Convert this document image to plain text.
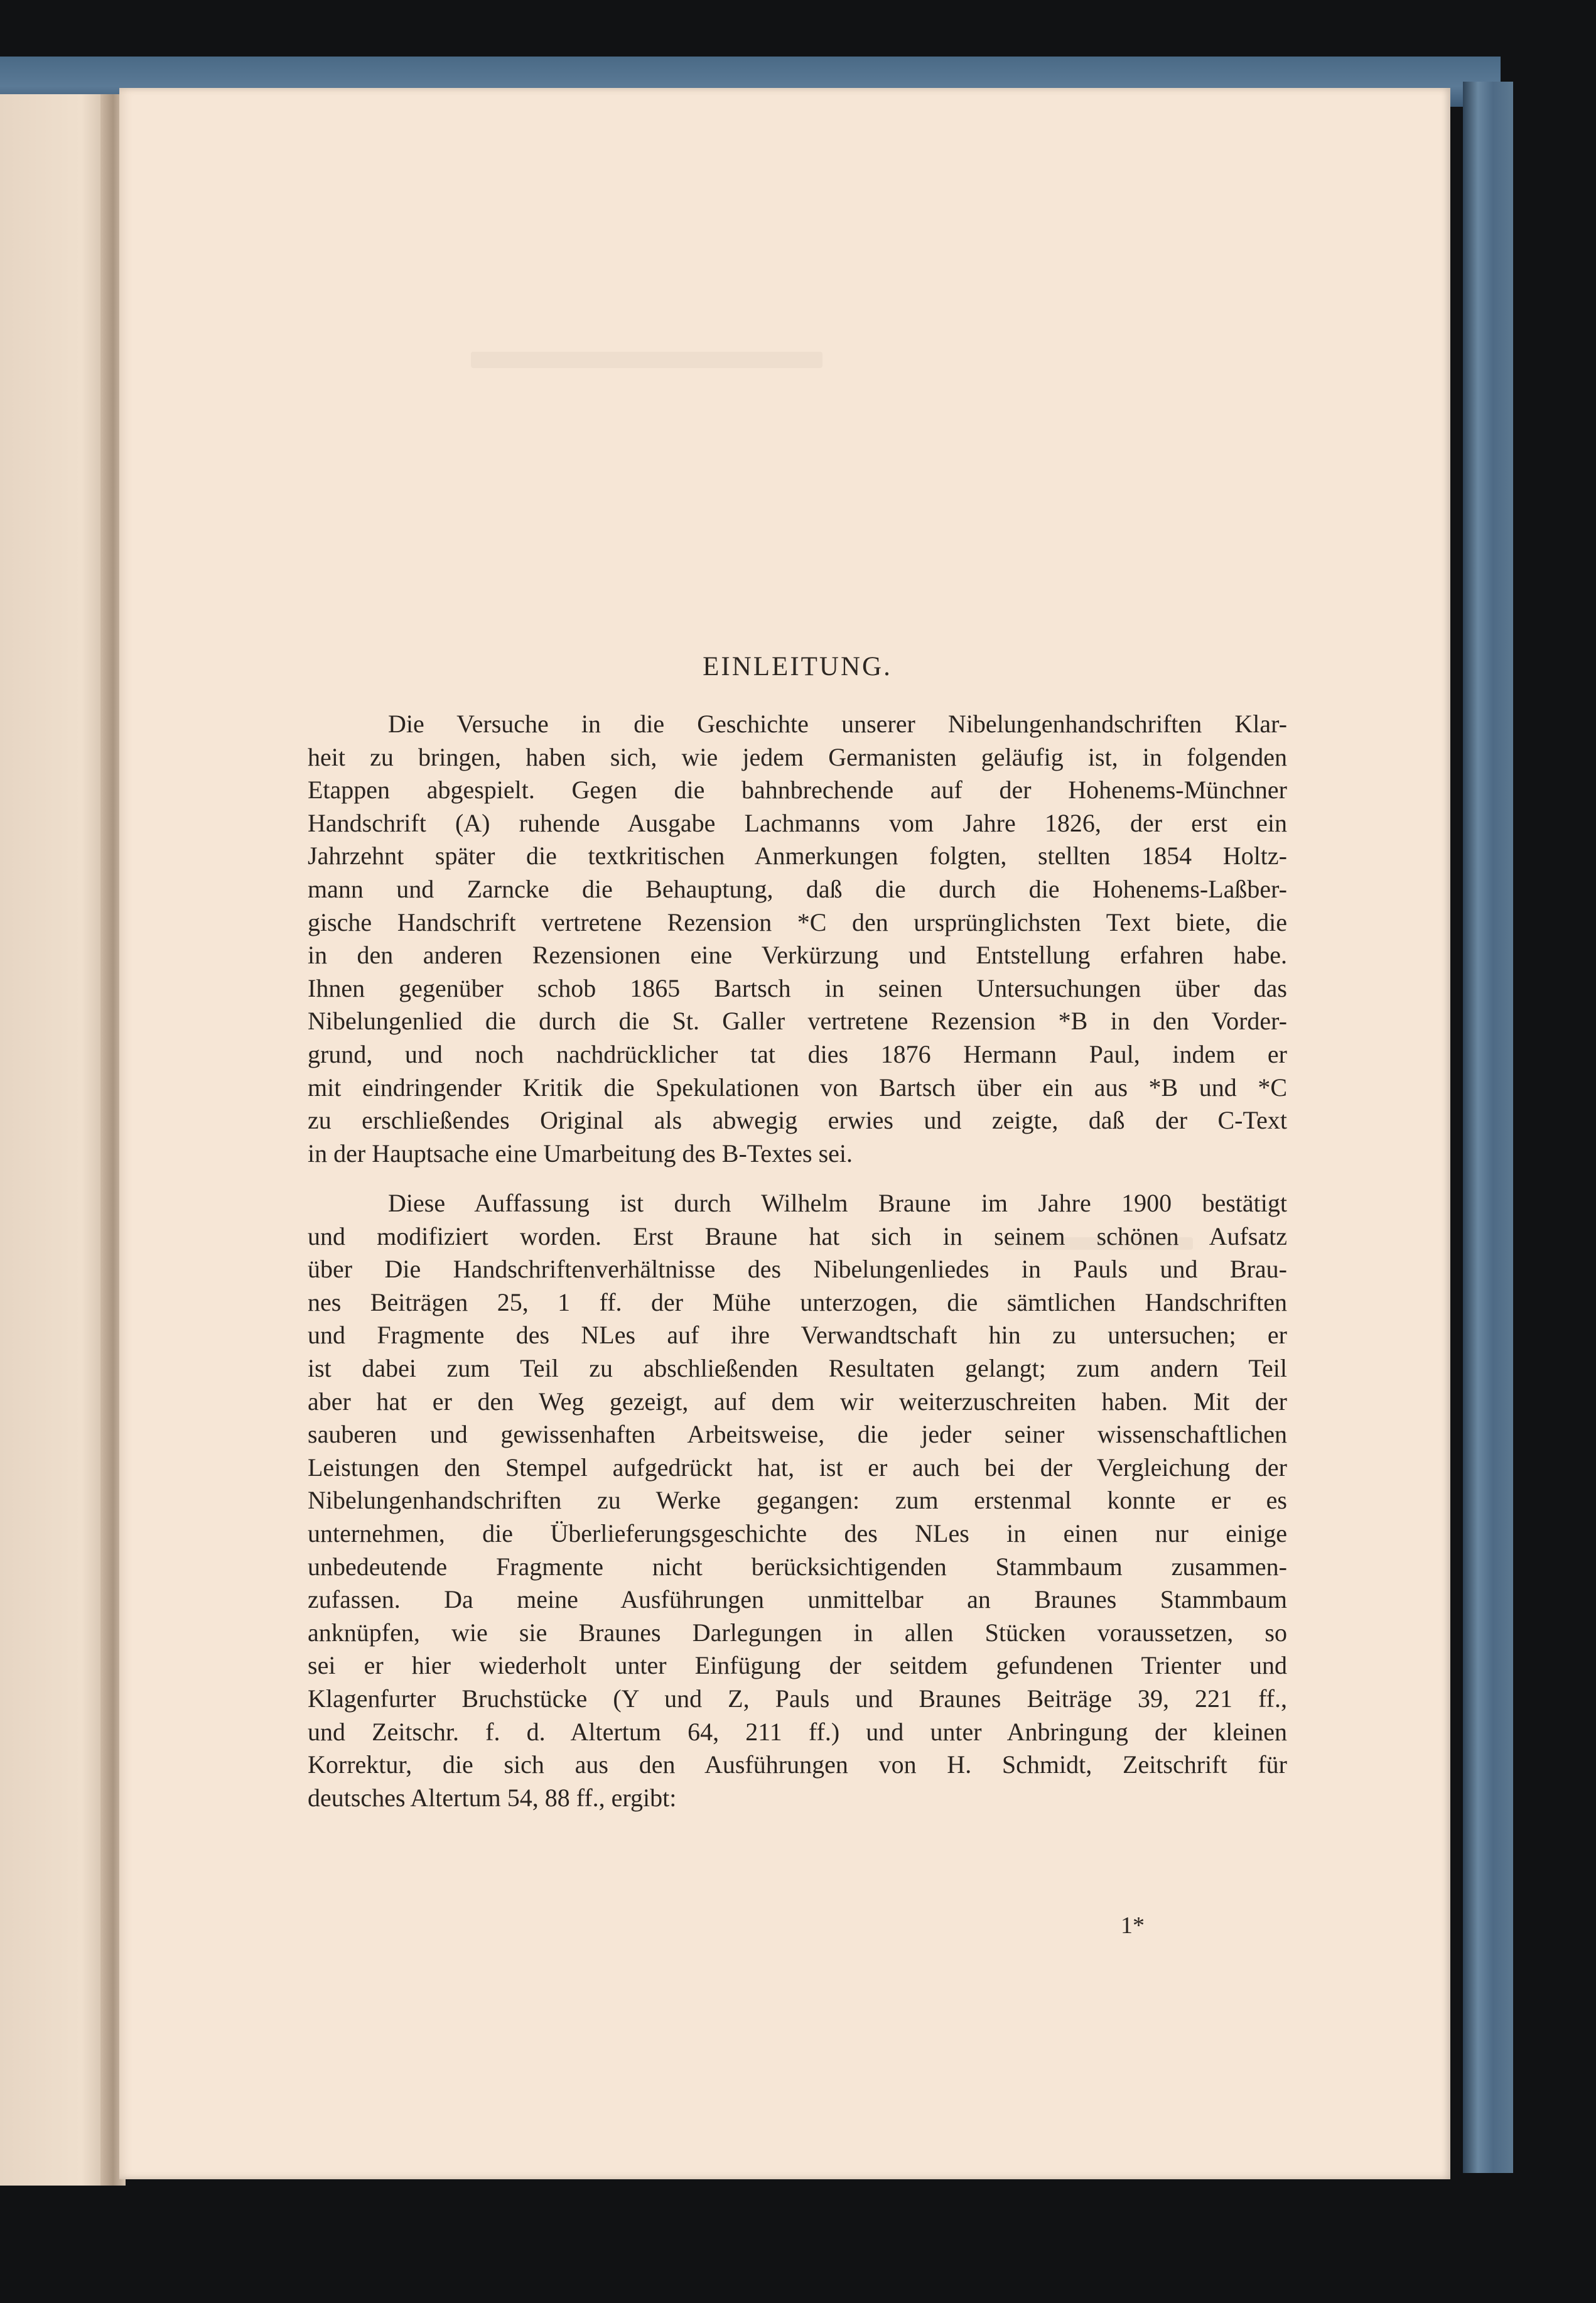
EINLEITUNG.
Die Versuche in die Geschichte unserer Nibelungenhandschriften Klar-
heit zu bringen, haben sich, wie jedem Germanisten geläufig ist, in folgenden
Etappen abgespielt. Gegen die bahnbrechende auf der Hohenems-Münchner
Handschrift (A) ruhende Ausgabe Lachmanns vom Jahre 1826, der erst ein
Jahrzehnt später die textkritischen Anmerkungen folgten, stellten 1854 Holtz-
mann und Zarncke die Behauptung, daß die durch die Hohenems-Laßber-
gische Handschrift vertretene Rezension *C den ursprünglichsten Text biete, die
in den anderen Rezensionen eine Verkürzung und Entstellung erfahren habe.
Ihnen gegenüber schob 1865 Bartsch in seinen Untersuchungen über das
Nibelungenlied die durch die St. Galler vertretene Rezension *B in den Vorder-
grund, und noch nachdrücklicher tat dies 1876 Hermann Paul, indem er
mit eindringender Kritik die Spekulationen von Bartsch über ein aus *B und *C
zu erschließendes Original als abwegig erwies und zeigte, daß der C-Text
in der Hauptsache eine Umarbeitung des B-Textes sei.
Diese Auffassung ist durch Wilhelm Braune im Jahre 1900 bestätigt
und modifiziert worden. Erst Braune hat sich in seinem schönen Aufsatz
über Die Handschriftenverhältnisse des Nibelungenliedes in Pauls und Brau-
nes Beiträgen 25, 1 ff. der Mühe unterzogen, die sämtlichen Handschriften
und Fragmente des NLes auf ihre Verwandtschaft hin zu untersuchen; er
ist dabei zum Teil zu abschließenden Resultaten gelangt; zum andern Teil
aber hat er den Weg gezeigt, auf dem wir weiterzuschreiten haben. Mit der
sauberen und gewissenhaften Arbeitsweise, die jeder seiner wissenschaftlichen
Leistungen den Stempel aufgedrückt hat, ist er auch bei der Vergleichung der
Nibelungenhandschriften zu Werke gegangen: zum erstenmal konnte er es
unternehmen, die Überlieferungsgeschichte des NLes in einen nur einige
unbedeutende Fragmente nicht berücksichtigenden Stammbaum zusammen-
zufassen. Da meine Ausführungen unmittelbar an Braunes Stammbaum
anknüpfen, wie sie Braunes Darlegungen in allen Stücken voraussetzen, so
sei er hier wiederholt unter Einfügung der seitdem gefundenen Trienter und
Klagenfurter Bruchstücke (Y und Z, Pauls und Braunes Beiträge 39, 221 ff.,
und Zeitschr. f. d. Altertum 64, 211 ff.) und unter Anbringung der kleinen
Korrektur, die sich aus den Ausführungen von H. Schmidt, Zeitschrift für
deutsches Altertum 54, 88 ff., ergibt:
1*
